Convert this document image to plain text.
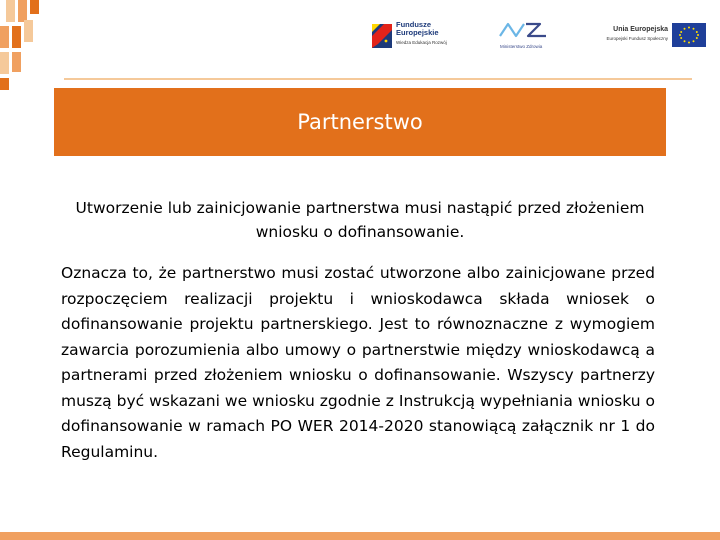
Fundusze
Europejskie
Wiedza Edukacja Rozwój
Ministerstwo Zdrowia
Unia Europejska
Europejski Fundusz Społeczny
Partnerstwo
Utworzenie lub zainicjowanie partnerstwa musi nastąpić przed złożeniem wniosku o dofinansowanie.
Oznacza to, że partnerstwo musi zostać utworzone albo zainicjowane przed rozpoczęciem realizacji projektu i wnioskodawca składa wniosek o dofinansowanie projektu partnerskiego. Jest to równoznaczne z wymogiem zawarcia porozumienia albo umowy o partnerstwie między wnioskodawcą a partnerami przed złożeniem wniosku o dofinansowanie. Wszyscy partnerzy muszą być wskazani we wniosku zgodnie z Instrukcją wypełniania wniosku o dofinansowanie w ramach PO WER 2014-2020 stanowiącą załącznik nr 1 do Regulaminu.
